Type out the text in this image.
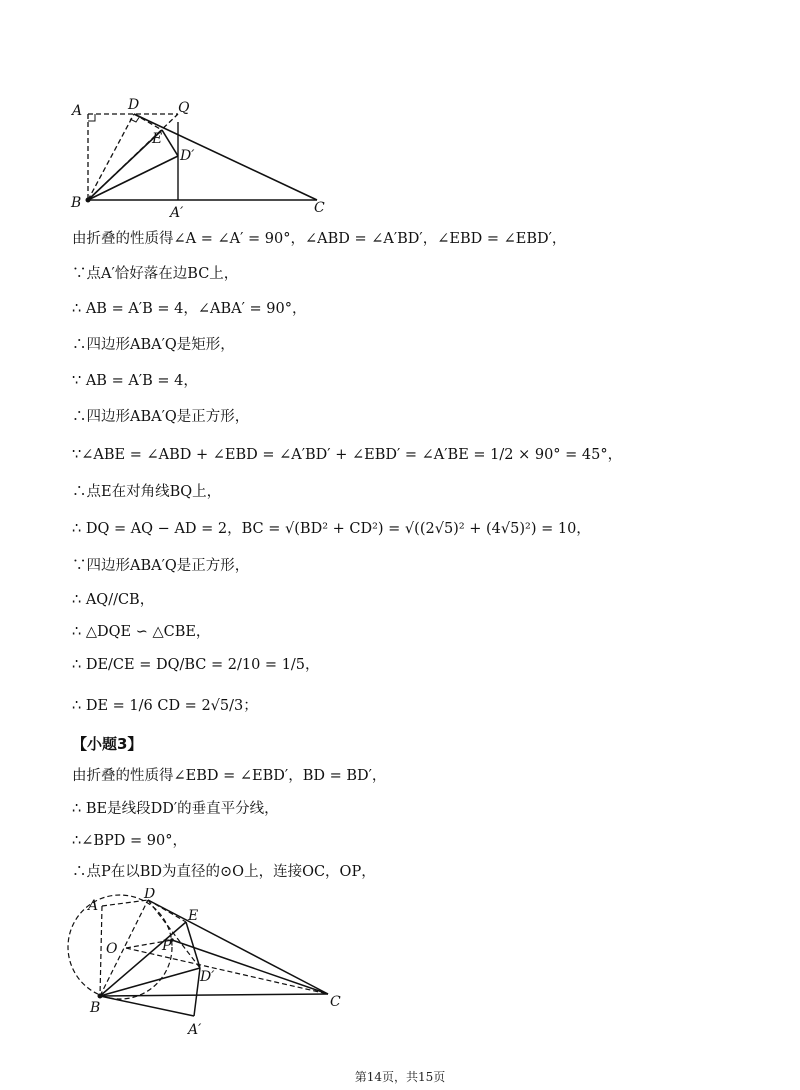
A	D	Q
E
D′
B
A′	C
由折叠的性质得∠A = ∠A′ = 90°，∠ABD = ∠A′BD′，∠EBD = ∠EBD′，
∵点A′恰好落在边BC上，
∴ AB = A′B = 4，∠ABA′ = 90°，
∴四边形ABA′Q是矩形，
∵ AB = A′B = 4，
∴四边形ABA′Q是正方形，
∵∠ABE = ∠ABD + ∠EBD = ∠A′BD′ + ∠EBD′ = ∠A′BE = 1/2 × 90° = 45°，
∴点E在对角线BQ上，
∴ DQ = AQ − AD = 2，BC = √(BD² + CD²) = √((2√5)² + (4√5)²) = 10，
∵四边形ABA′Q是正方形，
∴ AQ//CB，
∴ △DQE ∽ △CBE，
∴ DE/CE = DQ/BC = 2/10 = 1/5，
∴ DE = 1/6 CD = 2√5/3；
【小题3】
由折叠的性质得∠EBD = ∠EBD′，BD = BD′，
∴ BE是线段DD′的垂直平分线，
∴∠BPD = 90°，
∴点P在以BD为直径的⊙O上，连接OC，OP，
A
D
E
O	P
D′
B	C
A′
第14页，共15页
